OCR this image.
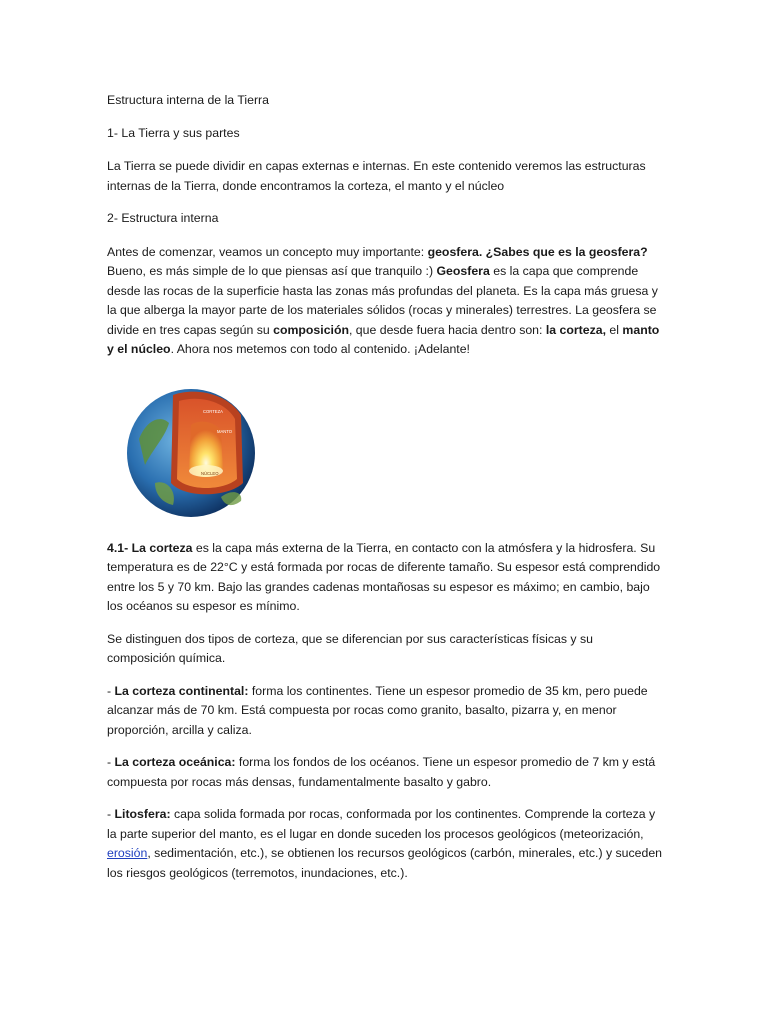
Estructura interna de la Tierra

1- La Tierra y sus partes

La Tierra se puede dividir en capas externas e internas. En este contenido veremos las estructuras internas de la Tierra, donde encontramos la corteza, el manto y el núcleo

2- Estructura interna

Antes de comenzar, veamos un concepto muy importante: geosfera. ¿Sabes que es la geosfera? Bueno, es más simple de lo que piensas así que tranquilo :) Geosfera es la capa que comprende desde las rocas de la superficie hasta las zonas más profundas del planeta. Es la capa más gruesa y la que alberga la mayor parte de los materiales sólidos (rocas y minerales) terrestres. La geosfera se divide en tres capas según su composición, que desde fuera hacia dentro son: la corteza, el manto y el núcleo. Ahora nos metemos con todo al contenido. ¡Adelante!

CORTEZA
MANTO
NÚCLEO

4.1- La corteza es la capa más externa de la Tierra, en contacto con la atmósfera y la hidrosfera. Su temperatura es de 22°C y está formada por rocas de diferente tamaño. Su espesor está comprendido entre los 5 y 70 km. Bajo las grandes cadenas montañosas su espesor es máximo; en cambio, bajo los océanos su espesor es mínimo.

Se distinguen dos tipos de corteza, que se diferencian por sus características físicas y su composición química.

- La corteza continental: forma los continentes. Tiene un espesor promedio de 35 km, pero puede alcanzar más de 70 km. Está compuesta por rocas como granito, basalto, pizarra y, en menor proporción, arcilla y caliza.

- La corteza oceánica: forma los fondos de los océanos. Tiene un espesor promedio de 7 km y está compuesta por rocas más densas, fundamentalmente basalto y gabro.

- Litosfera: capa solida formada por rocas, conformada por los continentes. Comprende la corteza y la parte superior del manto, es el lugar en donde suceden los procesos geológicos (meteorización, erosión, sedimentación, etc.), se obtienen los recursos geológicos (carbón, minerales, etc.) y suceden los riesgos geológicos (terremotos, inundaciones, etc.).
